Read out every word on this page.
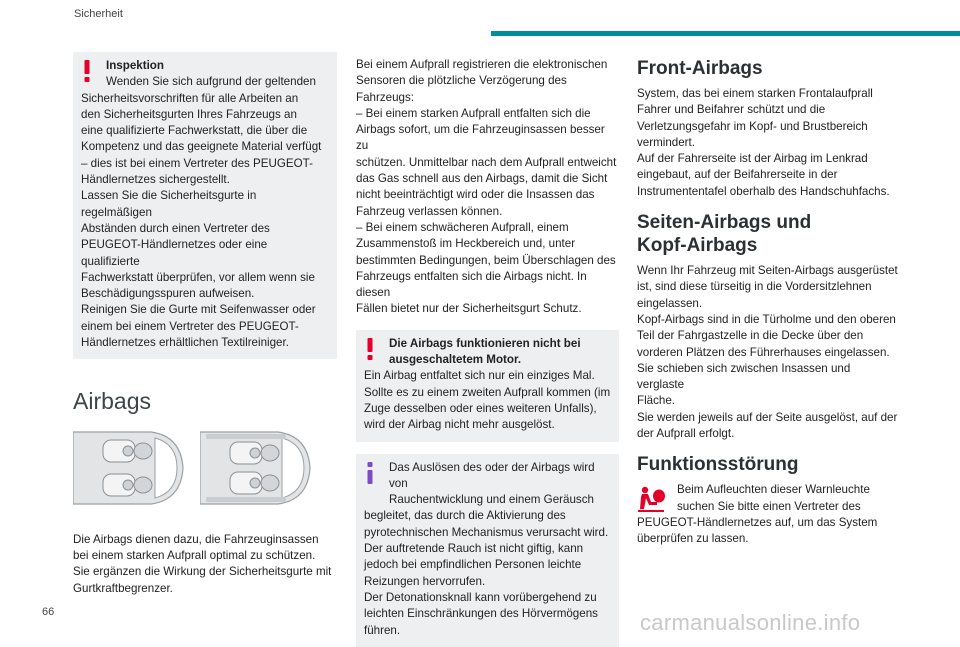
Sicherheit

Inspektion

Wenden Sie sich aufgrund der geltenden

Sicherheitsvorschriften für alle Arbeiten an

den Sicherheitsgurten Ihres Fahrzeugs an

eine qualifizierte Fachwerkstatt, die über die

Kompetenz und das geeignete Material verfügt

– dies ist bei einem Vertreter des PEUGEOT-

Händlernetzes sichergestellt.

Lassen Sie die Sicherheitsgurte in regelmäßigen

Abständen durch einen Vertreter des

PEUGEOT-Händlernetzes oder eine qualifizierte

Fachwerkstatt überprüfen, vor allem wenn sie

Beschädigungsspuren aufweisen.

Reinigen Sie die Gurte mit Seifenwasser oder

einem bei einem Vertreter des PEUGEOT-

Händlernetzes erhältlichen Textilreiniger.

Airbags

Die Airbags dienen dazu, die Fahrzeuginsassen

bei einem starken Aufprall optimal zu schützen.

Sie ergänzen die Wirkung der Sicherheitsgurte mit

Gurtkraftbegrenzer.

Bei einem Aufprall registrieren die elektronischen

Sensoren die plötzliche Verzögerung des

Fahrzeugs:

– Bei einem starken Aufprall entfalten sich die

Airbags sofort, um die Fahrzeuginsassen besser zu

schützen. Unmittelbar nach dem Aufprall entweicht

das Gas schnell aus den Airbags, damit die Sicht

nicht beeinträchtigt wird oder die Insassen das

Fahrzeug verlassen können.

– Bei einem schwächeren Aufprall, einem

Zusammenstoß im Heckbereich und, unter

bestimmten Bedingungen, beim Überschlagen des

Fahrzeugs entfalten sich die Airbags nicht. In diesen

Fällen bietet nur der Sicherheitsgurt Schutz.

Die Airbags funktionieren nicht bei

ausgeschaltetem Motor.

Ein Airbag entfaltet sich nur ein einziges Mal.

Sollte es zu einem zweiten Aufprall kommen (im

Zuge desselben oder eines weiteren Unfalls),

wird der Airbag nicht mehr ausgelöst.

Das Auslösen des oder der Airbags wird von

Rauchentwicklung und einem Geräusch

begleitet, das durch die Aktivierung des

pyrotechnischen Mechanismus verursacht wird.

Der auftretende Rauch ist nicht giftig, kann

jedoch bei empfindlichen Personen leichte

Reizungen hervorrufen.

Der Detonationsknall kann vorübergehend zu

leichten Einschränkungen des Hörvermögens

führen.

Front-Airbags

System, das bei einem starken Frontalaufprall

Fahrer und Beifahrer schützt und die

Verletzungsgefahr im Kopf- und Brustbereich

vermindert.

Auf der Fahrerseite ist der Airbag im Lenkrad

eingebaut, auf der Beifahrerseite in der

Instrumententafel oberhalb des Handschuhfachs.

Seiten-Airbags und
Kopf-Airbags

Wenn Ihr Fahrzeug mit Seiten-Airbags ausgerüstet

ist, sind diese türseitig in die Vordersitzlehnen

eingelassen.

Kopf-Airbags sind in die Türholme und den oberen

Teil der Fahrgastzelle in die Decke über den

vorderen Plätzen des Führerhauses eingelassen.

Sie schieben sich zwischen Insassen und verglaste

Fläche.

Sie werden jeweils auf der Seite ausgelöst, auf der

der Aufprall erfolgt.

Funktionsstörung

Beim Aufleuchten dieser Warnleuchte

suchen Sie bitte einen Vertreter des

PEUGEOT-Händlernetzes auf, um das System

überprüfen zu lassen.

66	carmanualsonline.info
